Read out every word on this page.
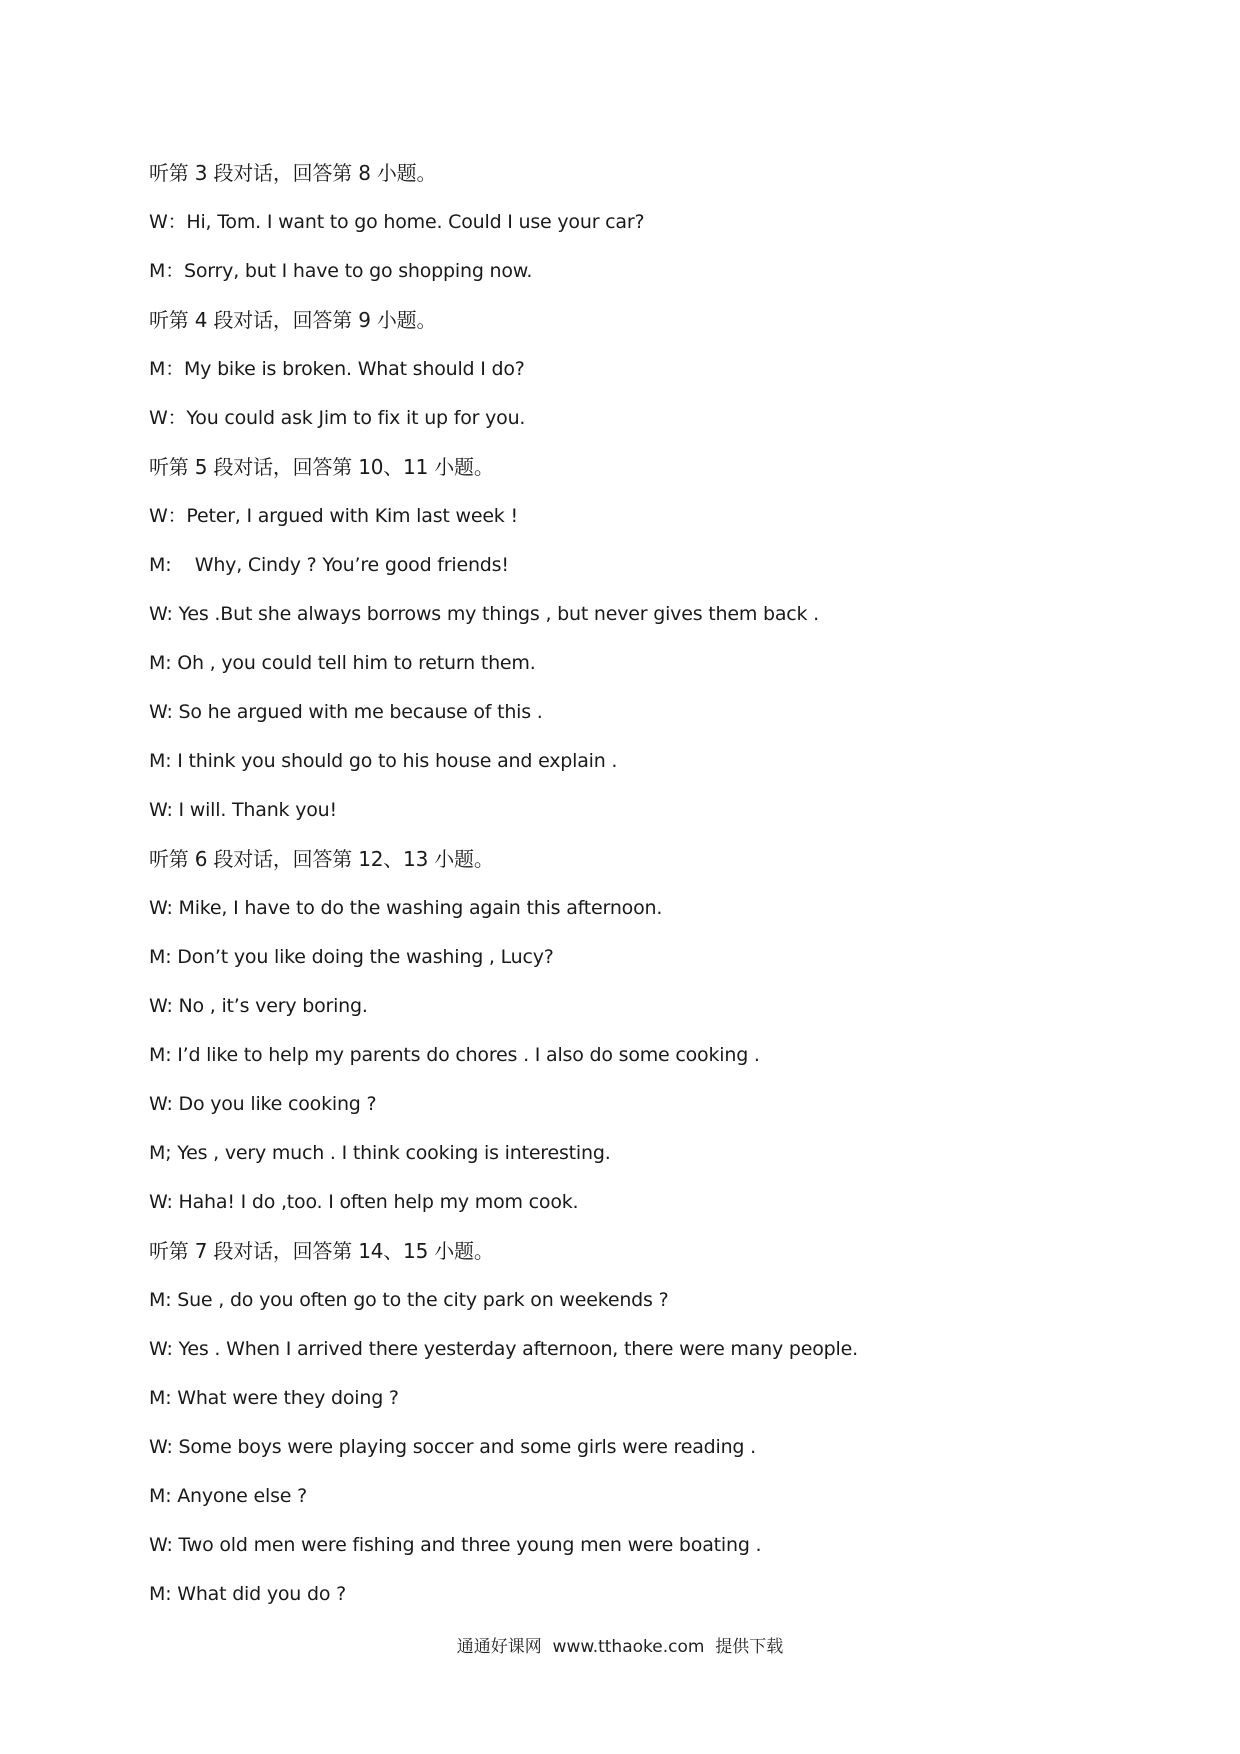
听第 3 段对话，回答第 8 小题。
W：Hi, Tom. I want to go home. Could I use your car?
M：Sorry, but I have to go shopping now.
听第 4 段对话，回答第 9 小题。
M：My bike is broken. What should I do?
W：You could ask Jim to fix it up for you.
听第 5 段对话，回答第 10、11 小题。
W：Peter, I argued with Kim last week !
M:    Why, Cindy ? You’re good friends!
W: Yes .But she always borrows my things , but never gives them back .
M: Oh , you could tell him to return them.
W: So he argued with me because of this .
M: I think you should go to his house and explain .
W: I will. Thank you!
听第 6 段对话，回答第 12、13 小题。
W: Mike, I have to do the washing again this afternoon.
M: Don’t you like doing the washing , Lucy?
W: No , it’s very boring.
M: I’d like to help my parents do chores . I also do some cooking .
W: Do you like cooking ?
M; Yes , very much . I think cooking is interesting.
W: Haha! I do ,too. I often help my mom cook.
听第 7 段对话，回答第 14、15 小题。
M: Sue , do you often go to the city park on weekends ?
W: Yes . When I arrived there yesterday afternoon, there were many people.
M: What were they doing ?
W: Some boys were playing soccer and some girls were reading .
M: Anyone else ?
W: Two old men were fishing and three young men were boating .
M: What did you do ?
通通好课网  www.tthaoke.com  提供下载
